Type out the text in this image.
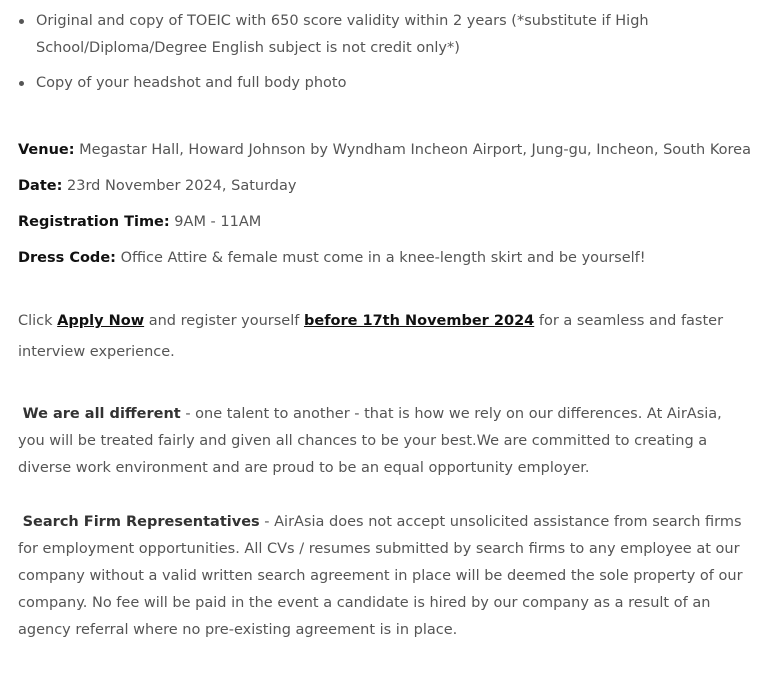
Original and copy of TOEIC with 650 score validity within 2 years (*substitute if High School/Diploma/Degree English subject is not credit only*)
Copy of your headshot and full body photo

Venue: Megastar Hall, Howard Johnson by Wyndham Incheon Airport, Jung-gu, Incheon, South Korea

Date: 23rd November 2024, Saturday

Registration Time: 9AM - 11AM

Dress Code: Office Attire & female must come in a knee-length skirt and be yourself!

Click Apply Now and register yourself before 17th November 2024 for a seamless and faster interview experience.

We are all different - one talent to another - that is how we rely on our differences. At AirAsia, you will be treated fairly and given all chances to be your best.We are committed to creating a diverse work environment and are proud to be an equal opportunity employer.

Search Firm Representatives - AirAsia does not accept unsolicited assistance from search firms for employment opportunities. All CVs / resumes submitted by search firms to any employee at our company without a valid written search agreement in place will be deemed the sole property of our company. No fee will be paid in the event a candidate is hired by our company as a result of an agency referral where no pre-existing agreement is in place.
